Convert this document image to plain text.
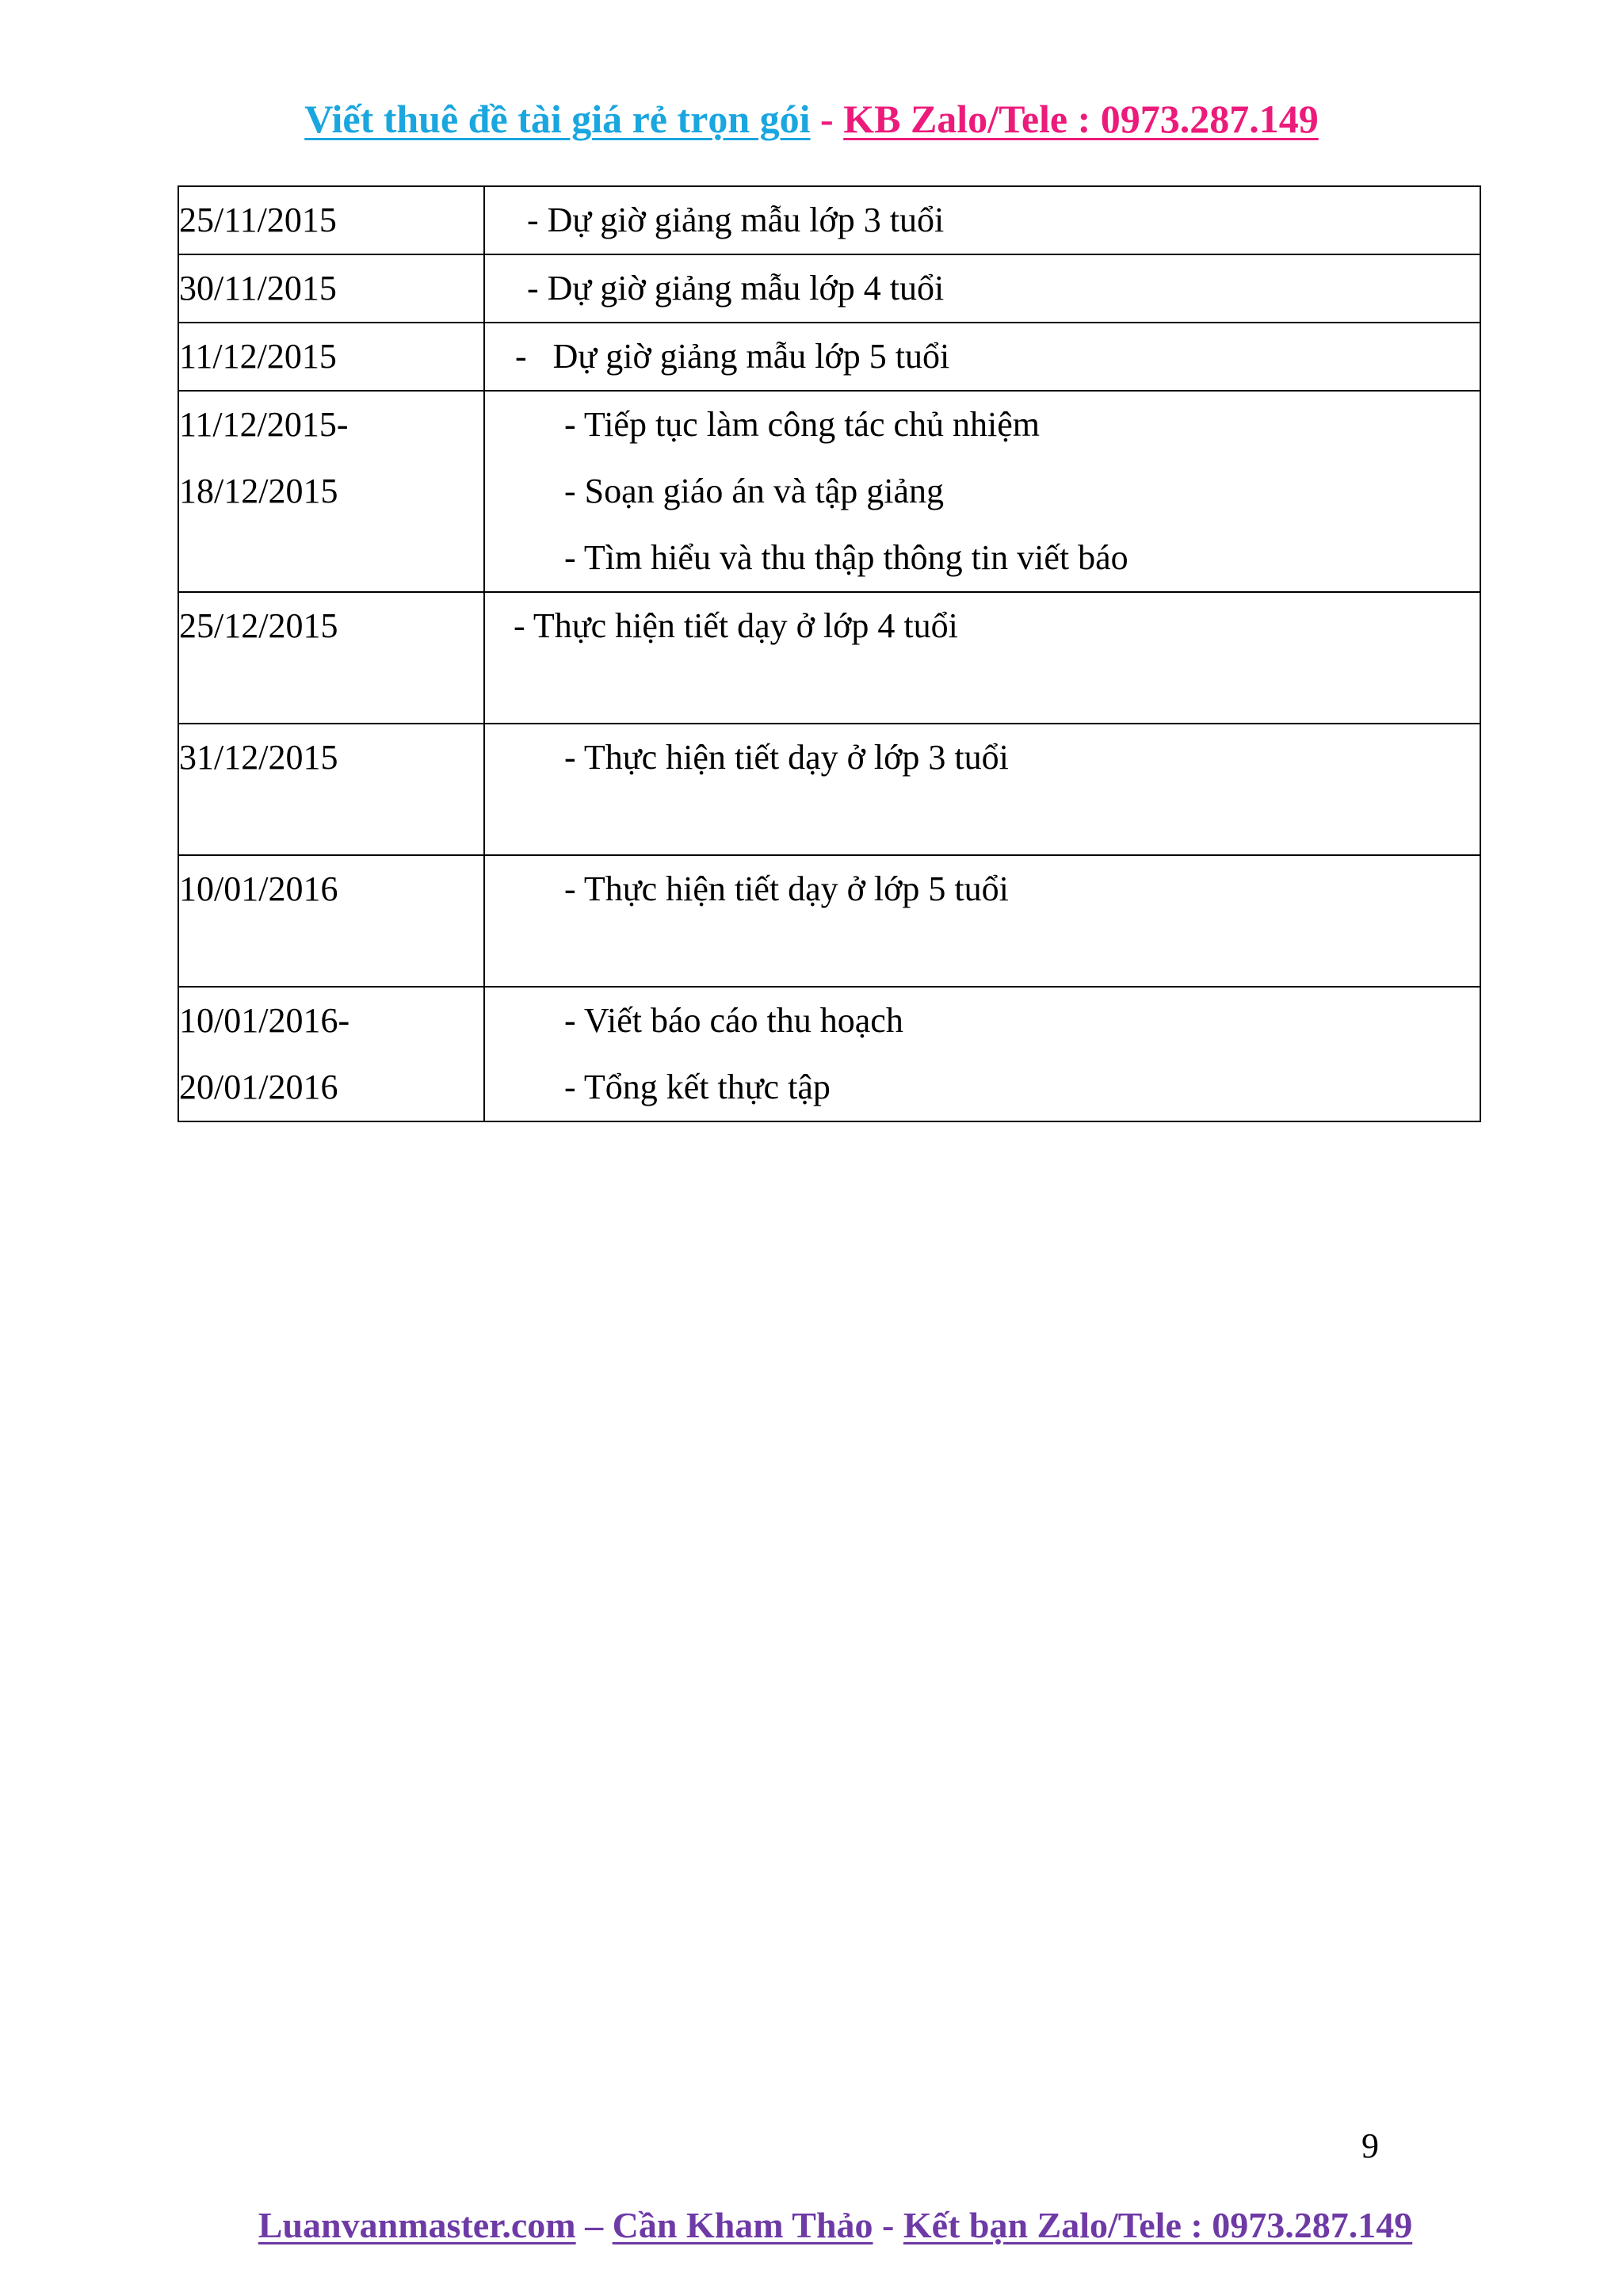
Viết thuê đề tài giá rẻ trọn gói - KB Zalo/Tele : 0973.287.149
25/11/2015	- Dự giờ giảng mẫu lớp 3 tuổi

30/11/2015	- Dự giờ giảng mẫu lớp 4 tuổi

11/12/2015	-   Dự giờ giảng mẫu lớp 5 tuổi

11/12/2015-
18/12/2015	- Tiếp tục làm công tác chủ nhiệm
- Soạn giáo án và tập giảng
- Tìm hiểu và thu thập thông tin viết báo

25/12/2015	- Thực hiện tiết dạy ở lớp 4 tuổi

31/12/2015	- Thực hiện tiết dạy ở lớp 3 tuổi

10/01/2016	- Thực hiện tiết dạy ở lớp 5 tuổi

10/01/2016-
20/01/2016	- Viết báo cáo thu hoạch
- Tổng kết thực tập
9
Luanvanmaster.com – Cần Kham Thảo - Kết bạn Zalo/Tele : 0973.287.149
